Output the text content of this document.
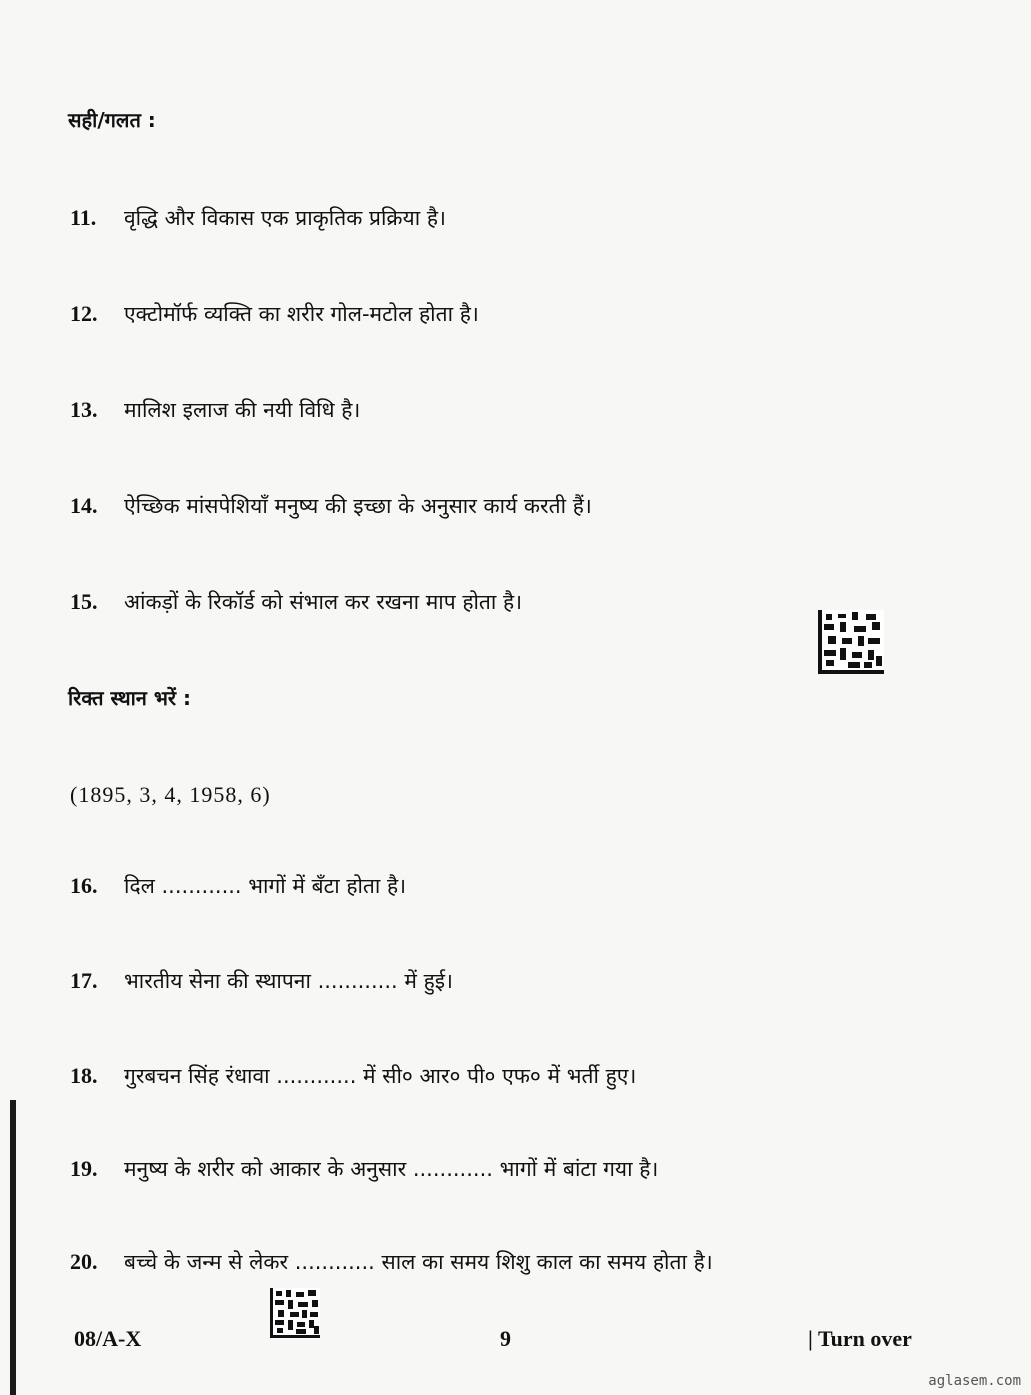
सही/गलत :
11. वृद्धि और विकास एक प्राकृतिक प्रक्रिया है।
12. एक्टोमॉर्फ व्यक्ति का शरीर गोल-मटोल होता है।
13. मालिश इलाज की नयी विधि है।
14. ऐच्छिक मांसपेशियाँ मनुष्य की इच्छा के अनुसार कार्य करती हैं।
15. आंकड़ों के रिकॉर्ड को संभाल कर रखना माप होता है।
रिक्त स्थान भरें :
(1895, 3, 4, 1958, 6)
16. दिल ............ भागों में बँटा होता है।
17. भारतीय सेना की स्थापना ............ में हुई।
18. गुरबचन सिंह रंधावा ............ में सी० आर० पी० एफ० में भर्ती हुए।
19. मनुष्य के शरीर को आकार के अनुसार ............ भागों में बांटा गया है।
20. बच्चे के जन्म से लेकर ............ साल का समय शिशु काल का समय होता है।
08/A-X	9	| Turn over
aglasem.com
